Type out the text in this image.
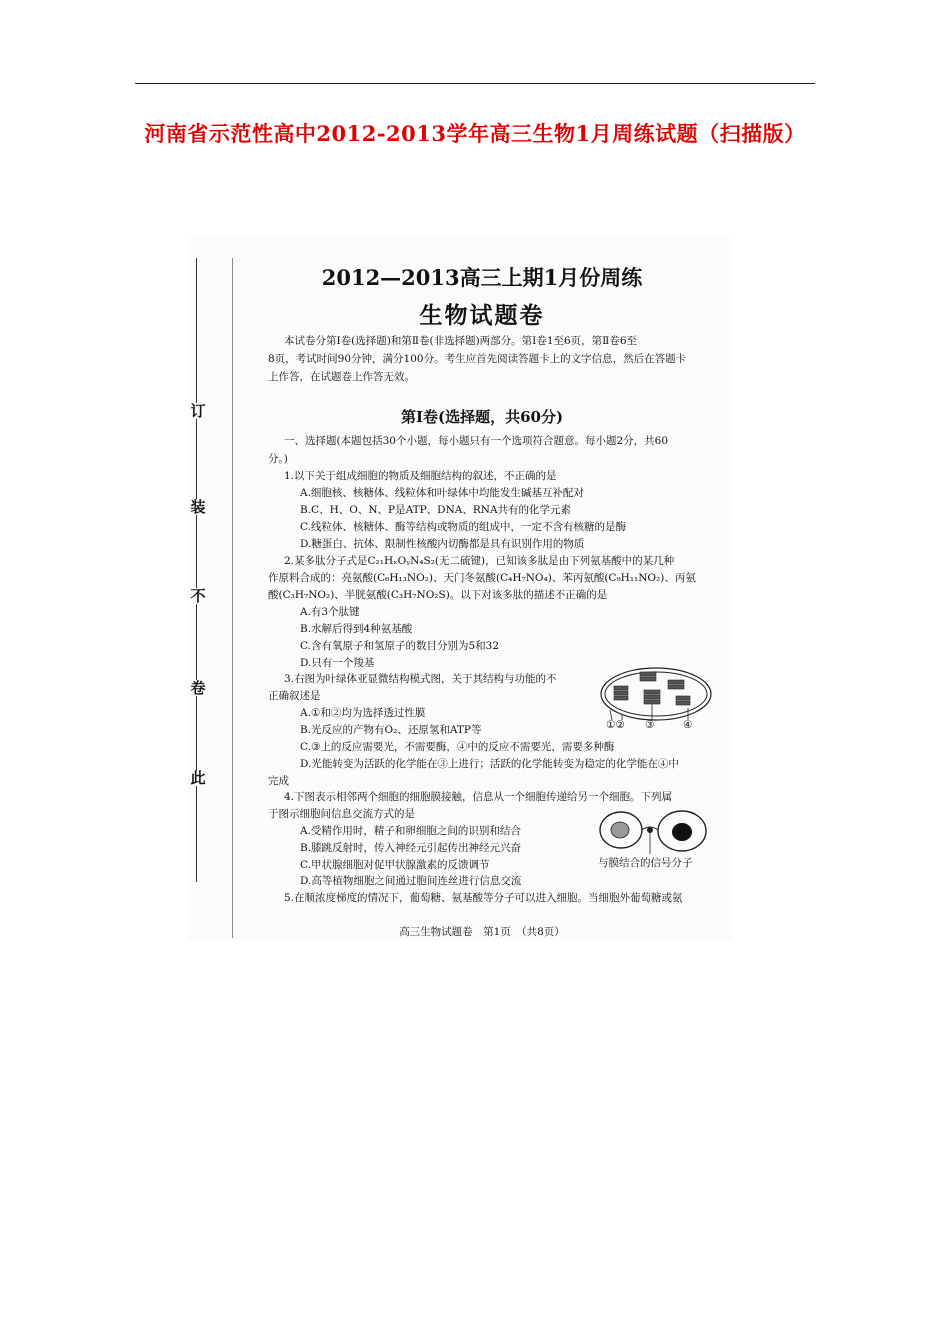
河南省示范性高中2012-2013学年高三生物1月周练试题（扫描版）
订
装
不
卷
此
2012—2013高三上期1月份周练
生物试题卷
本试卷分第Ⅰ卷(选择题)和第Ⅱ卷(非选择题)两部分。第Ⅰ卷1至6页，第Ⅱ卷6至
8页，考试时间90分钟，满分100分。考生应首先阅读答题卡上的文字信息，然后在答题卡
上作答，在试题卷上作答无效。
第Ⅰ卷(选择题，共60分)
一、选择题(本题包括30个小题，每小题只有一个选项符合题意。每小题2分，共60
分。)
1.以下关于组成细胞的物质及细胞结构的叙述，不正确的是
A.细胞核、核糖体、线粒体和叶绿体中均能发生碱基互补配对
B.C、H、O、N、P是ATP、DNA、RNA共有的化学元素
C.线粒体、核糖体、酶等结构或物质的组成中，一定不含有核糖的是酶
D.糖蛋白、抗体、限制性核酸内切酶都是具有识别作用的物质
2.某多肽分子式是C₂₁HₓOᵧN₄S₂(无二硫键)，已知该多肽是由下列氨基酸中的某几种
作原料合成的：亮氨酸(C₆H₁₃NO₂)、天门冬氨酸(C₄H₇NO₄)、苯丙氨酸(C₉H₁₁NO₂)、丙氨
酸(C₃H₇NO₂)、半胱氨酸(C₃H₇NO₂S)。以下对该多肽的描述不正确的是
A.有3个肽键
B.水解后得到4种氨基酸
C.含有氧原子和氢原子的数目分别为5和32
D.只有一个羧基
3.右图为叶绿体亚显微结构模式图，关于其结构与功能的不
正确叙述是
A.①和②均为选择透过性膜
B.光反应的产物有O₂、还原氢和ATP等
C.③上的反应需要光，不需要酶，④中的反应不需要光，需要多种酶
D.光能转变为活跃的化学能在③上进行；活跃的化学能转变为稳定的化学能在④中
完成
①② ③	④
4.下图表示相邻两个细胞的细胞膜接触，信息从一个细胞传递给另一个细胞。下列属
于图示细胞间信息交流方式的是
A.受精作用时，精子和卵细胞之间的识别和结合
B.膝跳反射时，传入神经元引起传出神经元兴奋
C.甲状腺细胞对促甲状腺激素的反馈调节
D.高等植物细胞之间通过胞间连丝进行信息交流
与膜结合的信号分子
5.在顺浓度梯度的情况下，葡萄糖、氨基酸等分子可以进入细胞。当细胞外葡萄糖或氨
高三生物试题卷　第1页　（共8页）
